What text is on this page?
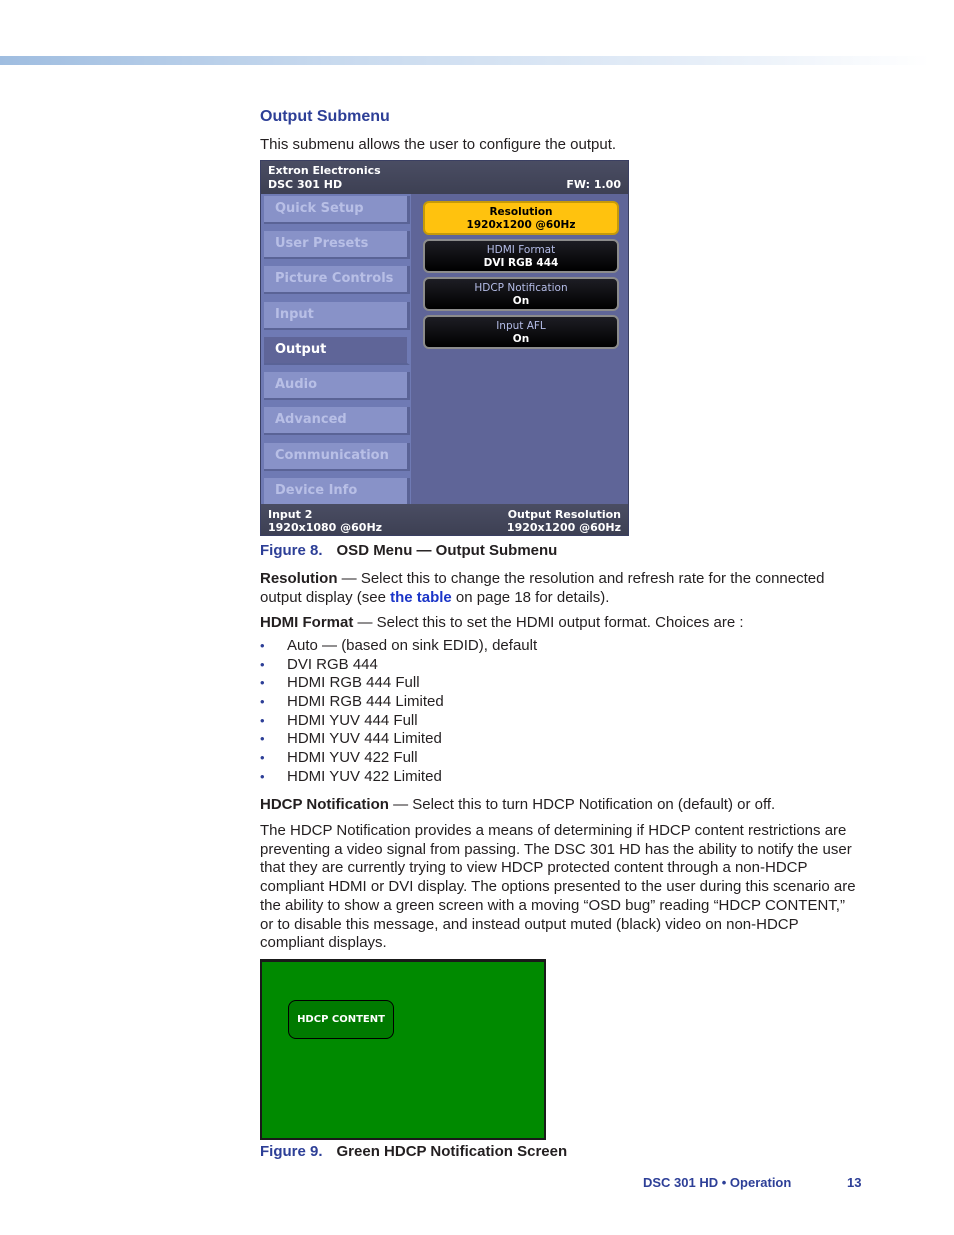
Output Submenu

This submenu allows the user to configure the output.

Figure 8. OSD Menu — Output Submenu

Resolution — Select this to change the resolution and refresh rate for the connected output display (see the table on page 18 for details).

HDMI Format — Select this to set the HDMI output format. Choices are :

• Auto — (based on sink EDID), default
• DVI RGB 444
• HDMI RGB 444 Full
• HDMI RGB 444 Limited
• HDMI YUV 444 Full
• HDMI YUV 444 Limited
• HDMI YUV 422 Full
• HDMI YUV 422 Limited

HDCP Notification — Select this to turn HDCP Notification on (default) or off.

The HDCP Notification provides a means of determining if HDCP content restrictions are preventing a video signal from passing. The DSC 301 HD has the ability to notify the user that they are currently trying to view HDCP protected content through a non-HDCP compliant HDMI or DVI display. The options presented to the user during this scenario are the ability to show a green screen with a moving “OSD bug” reading “HDCP CONTENT,” or to disable this message, and instead output muted (black) video on non-HDCP compliant displays.

Figure 9. Green HDCP Notification Screen
Extron Electronics
DSC 301 HD	FW: 1.00
Quick Setup
User Presets
Picture Controls
Input
Output
Audio
Advanced
Communication
Device Info
Resolution
1920x1200 @60Hz
HDMI Format
DVI RGB 444
HDCP Notification
On
Input AFL
On
Input 2
1920x1080 @60Hz
Output Resolution
1920x1200 @60Hz
HDCP CONTENT
DSC 301 HD • Operation	13
